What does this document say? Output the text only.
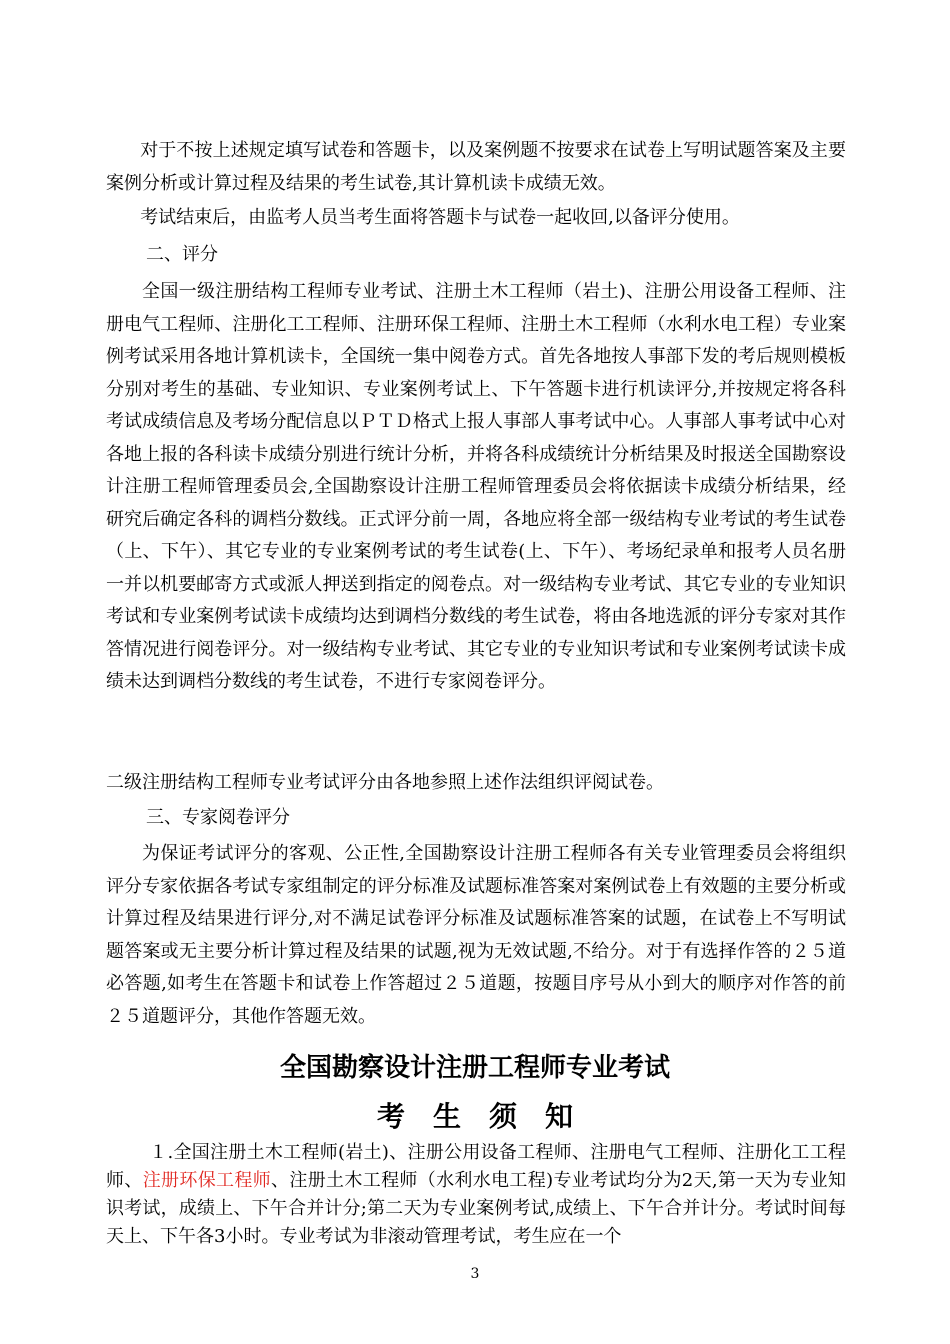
对于不按上述规定填写试卷和答题卡，以及案例题不按要求在试卷上写明试题答案及主要案例分析或计算过程及结果的考生试卷,其计算机读卡成绩无效。

考试结束后，由监考人员当考生面将答题卡与试卷一起收回,以备评分使用。

二、评分

全国一级注册结构工程师专业考试、注册土木工程师（岩土)、注册公用设备工程师、注册电气工程师、注册化工工程师、注册环保工程师、注册土木工程师（水利水电工程）专业案例考试采用各地计算机读卡，全国统一集中阅卷方式。首先各地按人事部下发的考后规则模板分别对考生的基础、专业知识、专业案例考试上、下午答题卡进行机读评分,并按规定将各科考试成绩信息及考场分配信息以ＰＴＤ格式上报人事部人事考试中心。人事部人事考试中心对各地上报的各科读卡成绩分别进行统计分析，并将各科成绩统计分析结果及时报送全国勘察设计注册工程师管理委员会,全国勘察设计注册工程师管理委员会将依据读卡成绩分析结果，经研究后确定各科的调档分数线。正式评分前一周，各地应将全部一级结构专业考试的考生试卷（上、下午）、其它专业的专业案例考试的考生试卷(上、下午）、考场纪录单和报考人员名册一并以机要邮寄方式或派人押送到指定的阅卷点。对一级结构专业考试、其它专业的专业知识考试和专业案例考试读卡成绩均达到调档分数线的考生试卷，将由各地选派的评分专家对其作答情况进行阅卷评分。对一级结构专业考试、其它专业的专业知识考试和专业案例考试读卡成绩未达到调档分数线的考生试卷，不进行专家阅卷评分。

二级注册结构工程师专业考试评分由各地参照上述作法组织评阅试卷。

三、专家阅卷评分

为保证考试评分的客观、公正性,全国勘察设计注册工程师各有关专业管理委员会将组织评分专家依据各考试专家组制定的评分标准及试题标准答案对案例试卷上有效题的主要分析或计算过程及结果进行评分,对不满足试卷评分标准及试题标准答案的试题，在试卷上不写明试题答案或无主要分析计算过程及结果的试题,视为无效试题,不给分。对于有选择作答的２５道必答题,如考生在答题卡和试卷上作答超过２５道题，按题目序号从小到大的顺序对作答的前２５道题评分，其他作答题无效。

全国勘察设计注册工程师专业考试
考　生　须　知

１.全国注册土木工程师(岩土)、注册公用设备工程师、注册电气工程师、注册化工工程师、注册环保工程师、注册土木工程师（水利水电工程)专业考试均分为2天,第一天为专业知识考试，成绩上、下午合并计分;第二天为专业案例考试,成绩上、下午合并计分。考试时间每天上、下午各3小时。专业考试为非滚动管理考试，考生应在一个

3
